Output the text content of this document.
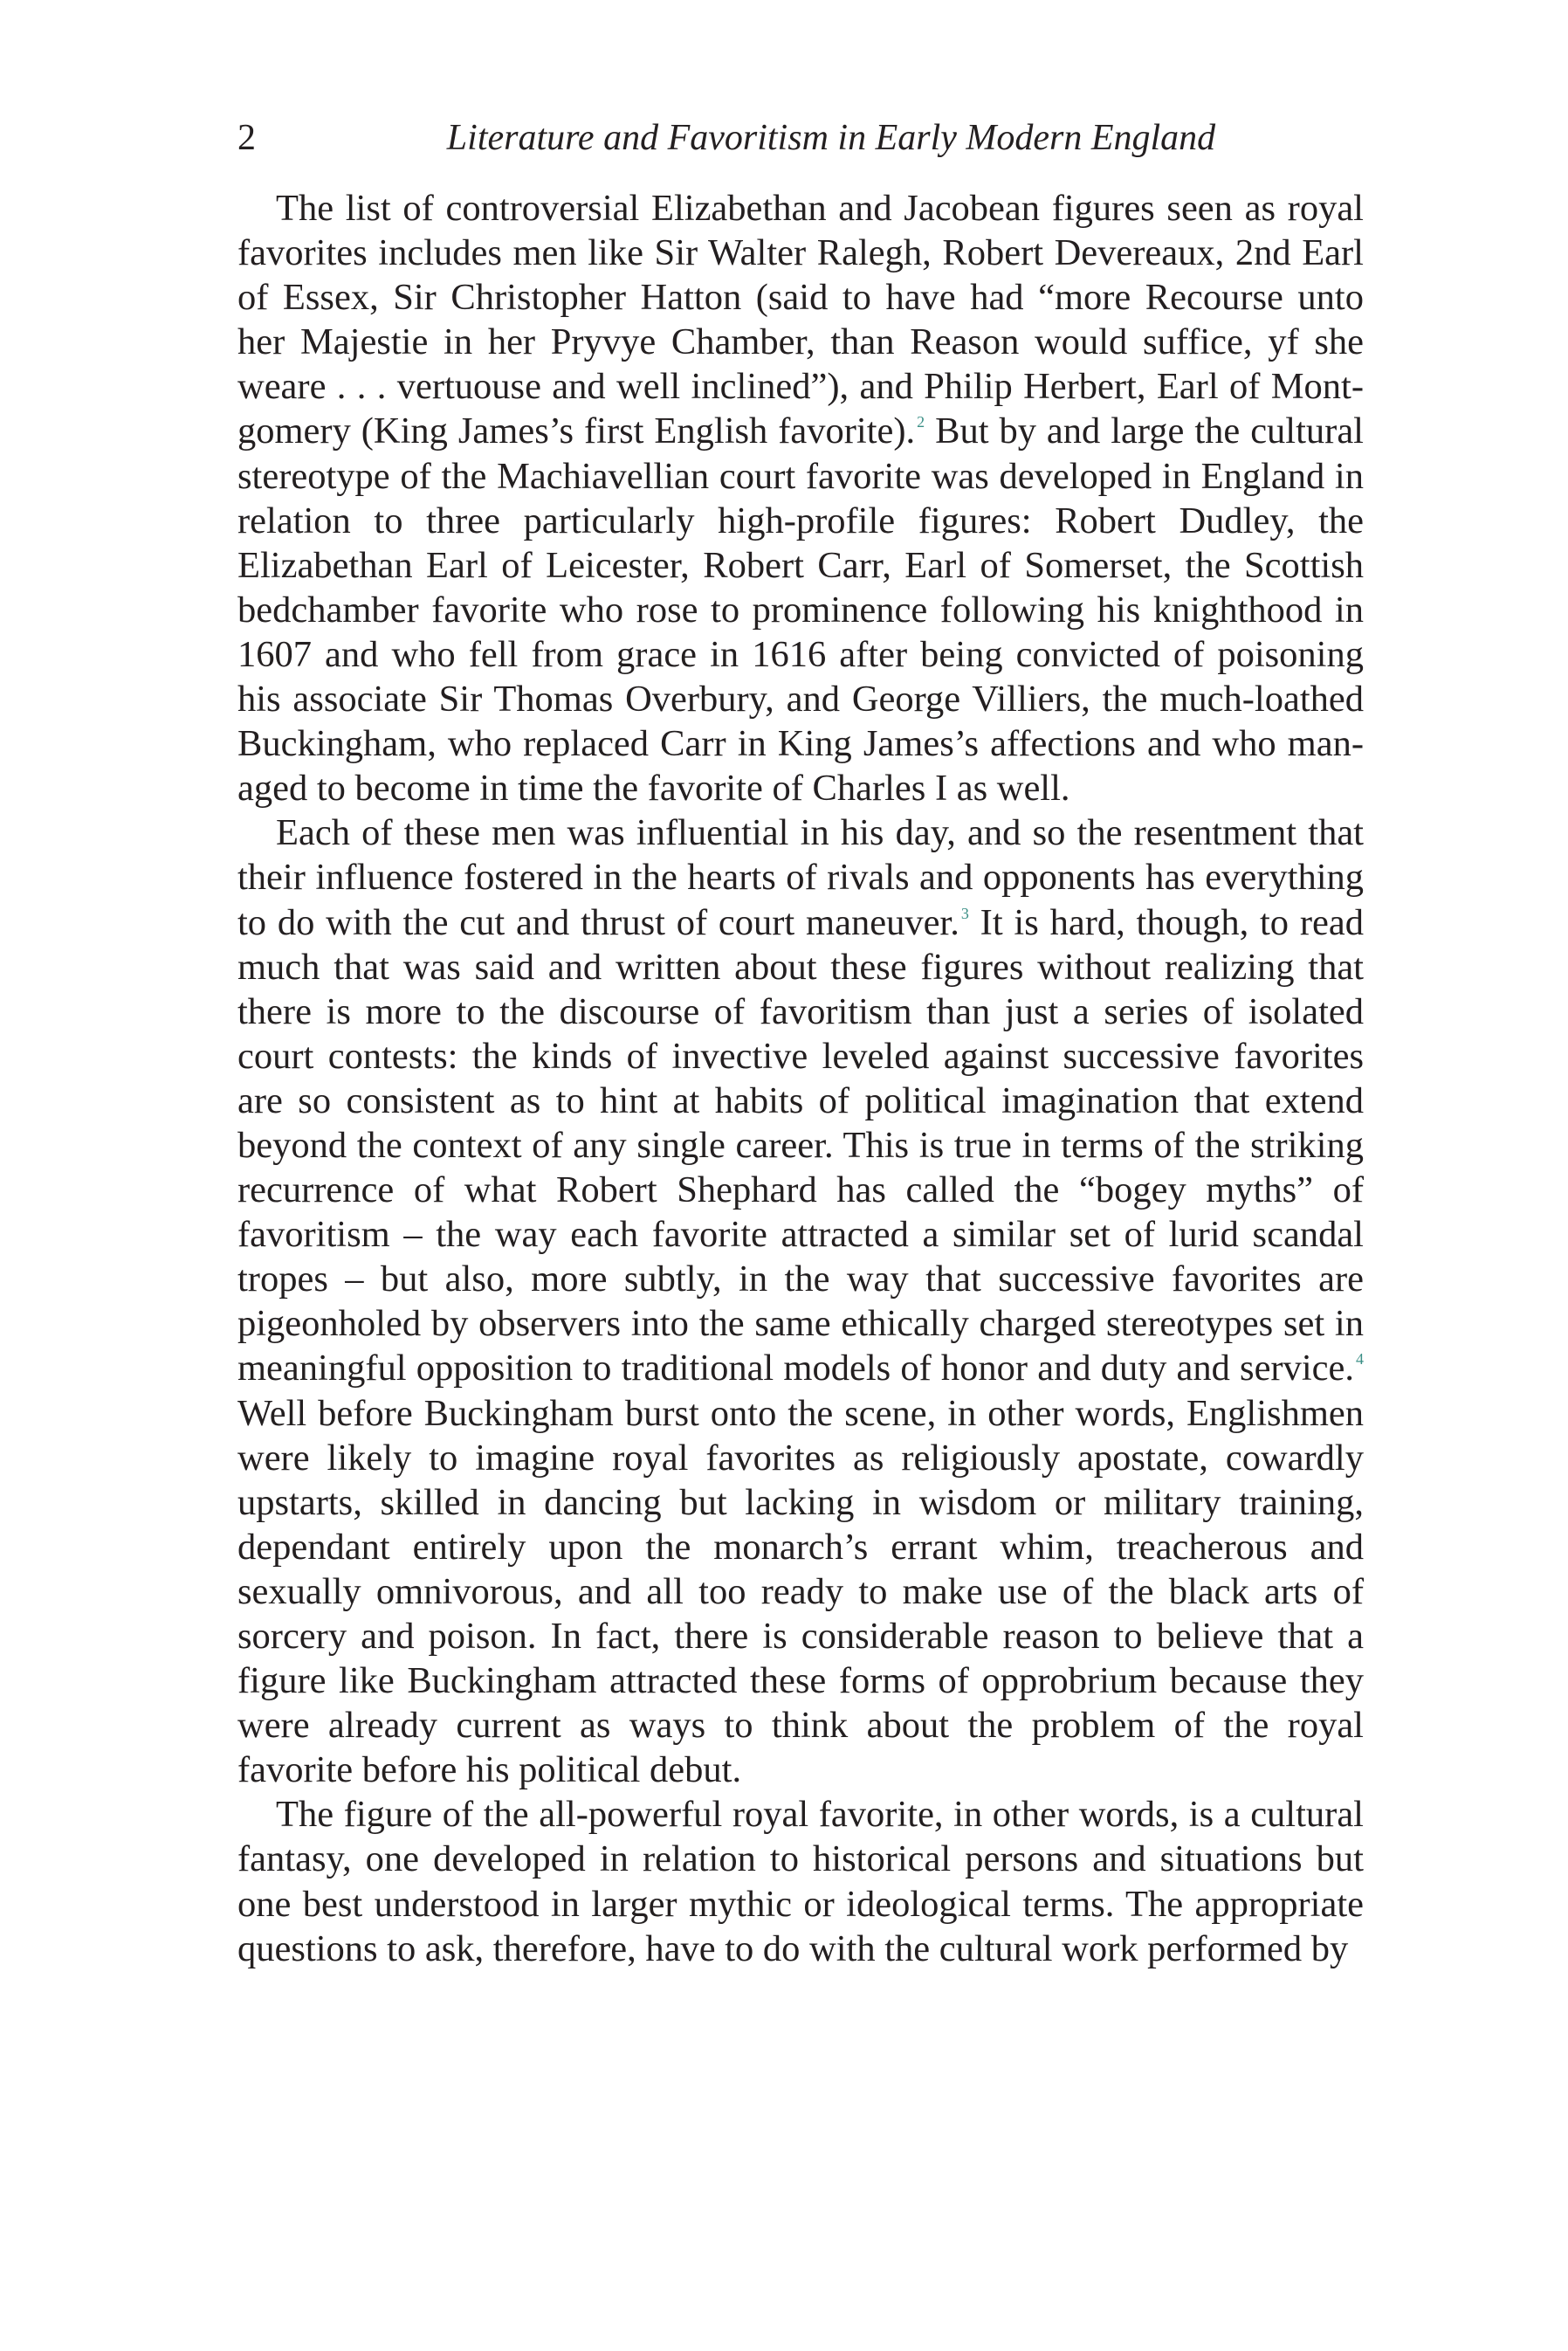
2	Literature and Favoritism in Early Modern England

The list of controversial Elizabethan and Jacobean figures seen as royal favorites includes men like Sir Walter Ralegh, Robert Devereaux, 2nd Earl of Essex, Sir Christopher Hatton (said to have had “more Recourse unto her Majestie in her Pryvye Chamber, than Reason would suffice, yf she weare . . . vertuouse and well inclined”), and Philip Herbert, Earl of Montgomery (King James’s first English favorite). $^2$ But by and large the cultural stereotype of the Machiavellian court favorite was developed in England in relation to three particularly high-profile figures: Robert Dudley, the Elizabethan Earl of Leicester, Robert Carr, Earl of Somerset, the Scottish bedchamber favorite who rose to prominence following his knighthood in 1607 and who fell from grace in 1616 after being convicted of poisoning his associate Sir Thomas Overbury, and George Villiers, the much-loathed Buckingham, who replaced Carr in King James’s affections and who managed to become in time the favorite of Charles I as well.

Each of these men was influential in his day, and so the resentment that their influence fostered in the hearts of rivals and opponents has everything to do with the cut and thrust of court maneuver. $^3$ It is hard, though, to read much that was said and written about these figures without realizing that there is more to the discourse of favoritism than just a series of isolated court contests: the kinds of invective leveled against successive favorites are so consistent as to hint at habits of political imagination that extend beyond the context of any single career. This is true in terms of the striking recurrence of what Robert Shephard has called the “bogey myths” of favoritism – the way each favorite attracted a similar set of lurid scandal tropes – but also, more subtly, in the way that successive favorites are pigeonholed by observers into the same ethically charged stereotypes set in meaningful opposition to traditional models of honor and duty and service. $^4$ Well before Buckingham burst onto the scene, in other words, Englishmen were likely to imagine royal favorites as religiously apostate, cowardly upstarts, skilled in dancing but lacking in wisdom or military training, dependant entirely upon the monarch’s errant whim, treacherous and sexually omnivorous, and all too ready to make use of the black arts of sorcery and poison. In fact, there is considerable reason to believe that a figure like Buckingham attracted these forms of opprobrium because they were already current as ways to think about the problem of the royal favorite before his political debut.

The figure of the all-powerful royal favorite, in other words, is a cultural fantasy, one developed in relation to historical persons and situations but one best understood in larger mythic or ideological terms. The appropriate questions to ask, therefore, have to do with the cultural work performed by
